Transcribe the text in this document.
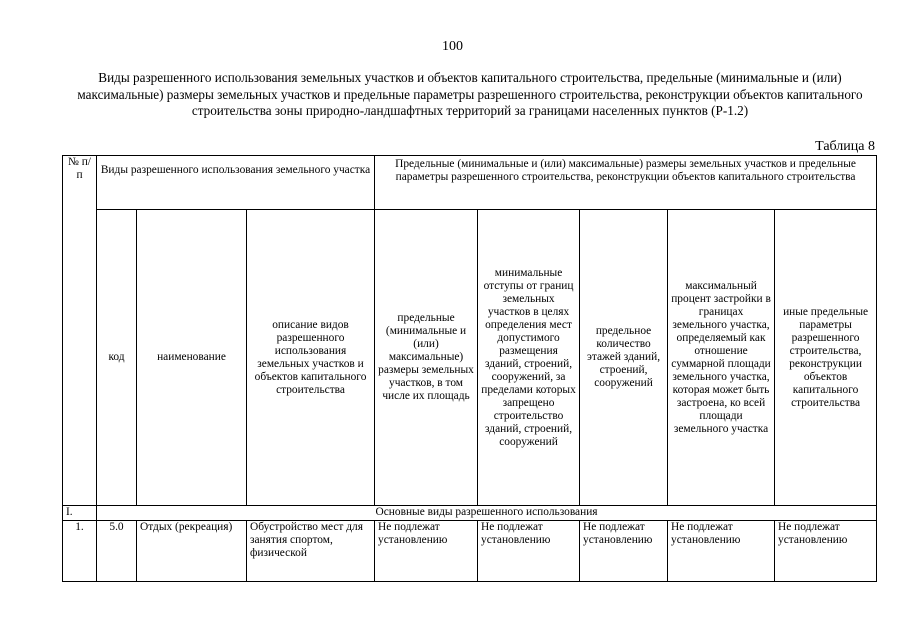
100
Виды разрешенного использования земельных участков и объектов капитального строительства, предельные (минимальные и (или) максимальные) размеры земельных участков и предельные параметры разрешенного строительства, реконструкции объектов капитального строительства зоны природно-ландшафтных территорий за границами населенных пунктов (Р-1.2)
Таблица 8
№ п/п	Виды разрешенного использования земельного участка			Предельные (минимальные и (или) максимальные) размеры земельных участков и предельные параметры разрешенного строительства, реконструкции объектов капитального строительства				
	код	наименование	описание видов разрешенного использования земельных участков и объектов капитального строительства	предельные (минимальные и (или) максимальные) размеры земельных участков, в том числе их площадь	минимальные отступы от границ земельных участков в целях определения мест допустимого размещения зданий, строений, сооружений, за пределами которых запрещено строительство зданий, строений, сооружений	предельное количество этажей зданий, строений, сооружений	максимальный процент застройки в границах земельного участка, определяемый как отношение суммарной площади земельного участка, которая может быть застроена, ко всей площади земельного участка	иные предельные параметры разрешенного строительства, реконструкции объектов капитального строительства
I.	Основные виды разрешенного использования							
1.	5.0	Отдых (рекреация)	Обустройство мест для занятия спортом, физической	Не подлежат установлению	Не подлежат установлению	Не подлежат установлению	Не подлежат установлению	Не подлежат установлению
